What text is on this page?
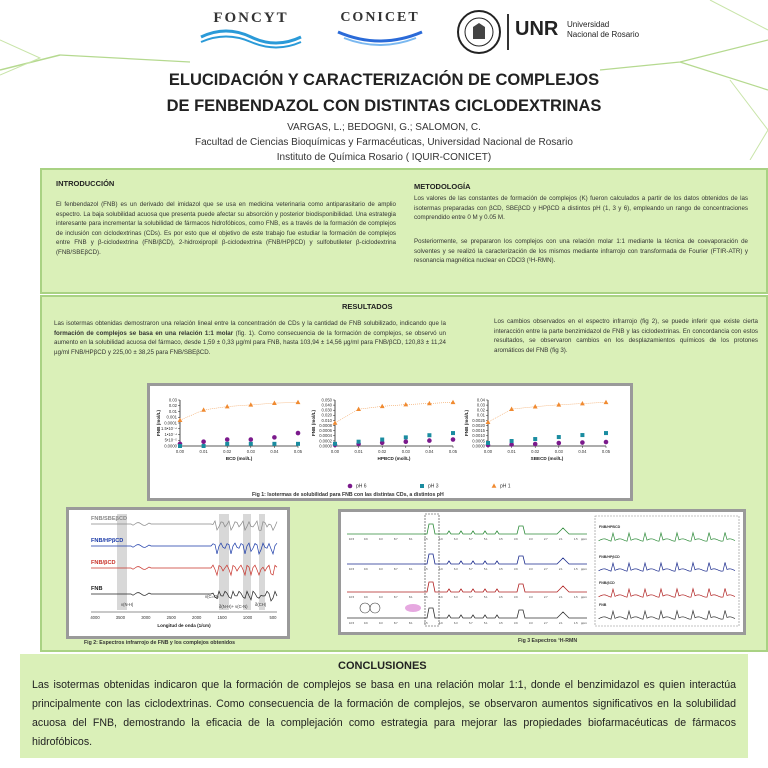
FONCYT	CONICET
UNR Universidad
Nacional de Rosario
ELUCIDACIÓN Y CARACTERIZACIÓN DE COMPLEJOS
DE FENBENDAZOL CON DISTINTAS CICLODEXTRINAS
VARGAS, L.; BEDOGNI, G.; SALOMON, C.
Facultad de Ciencias Bioquímicas y Farmacéuticas, Universidad Nacional de Rosario
Instituto de Química Rosario ( IQUIR-CONICET)
INTRODUCCIÓN
El fenbendazol (FNB) es un derivado del imidazol que se usa en medicina veterinaria como antiparasitario de amplio espectro. La baja solubilidad acuosa que presenta puede afectar su absorción y posterior biodisponibilidad. Una estrategia interesante para incrementar la solubilidad de fármacos hidrofóbicos, como FNB, es a través de la formación de complejos de inclusión con ciclodextrinas (CDs). Es por esto que el objetivo de este trabajo fue estudiar la formación de complejos entre FNB y β-ciclodextrina (FNB/βCD), 2-hidroxipropil β-ciclodextrina (FNB/HPβCD) y sulfobutileter β-ciclodextrina (FNB/SBEβCD).
METODOLOGÍA
Los valores de las constantes de formación de complejos (K) fueron calculados a partir de los datos obtenidos de las isotermas preparadas con βCD, SBEβCD y HPβCD a distintos pH (1, 3 y 6), empleando un rango de concentraciones comprendido entre 0 M y 0.05 M.
Posteriormente, se prepararon los complejos con una relación molar 1:1 mediante la técnica de coevaporación de solventes y se realizó la caracterización de los mismos mediante infrarrojo con transformada de Fourier (FTIR-ATR) y resonancia magnética nuclear en CDCl3 (¹H-RMN).
RESULTADOS
Las isotermas obtenidas demostraron una relación lineal entre la concentración de CDs y la cantidad de FNB solubilizado, indicando que la formación de complejos se basa en una relación 1:1 molar (fig. 1). Como consecuencia de la formación de complejos, se observó un aumento en la solubilidad acuosa del fármaco, desde 1,59 ± 0,33 µg/ml para FNB, hasta 103,94 ± 14,56 µg/ml para FNB/βCD, 120,83 ± 11,24 µg/ml FNB/HPβCD y 225,00 ± 38,25 para FNB/SBEβCD.
Los cambios observados en el espectro infrarrojo (fig 2), se puede inferir que existe cierta interacción entre la parte benzimidazol de FNB y las ciclodextrinas. En concordancia con estos resultados, se observaron cambios en los desplazamientos químicos de los protones aromáticos del FNB (fig 3).
0.0000
5•10⁻⁵
1•10⁻⁴
1.5•10⁻⁴
0.0001
0.001
0.01
0.02
0.03
0.00	0.01	0.02	0.03	0.04	0.05
BCD (mol/L)
FNB (mol/L)
0.0000
0.0002
0.0004
0.0006
0.0008
0.010
0.020
0.030
0.040
0.050
0.00	0.01	0.02	0.03	0.04	0.05
HPBCD (mol/L)
FNB (mol/L)
0.0000
0.0005
0.0010
0.0015
0.0020
0.0025
0.01
0.02
0.03
0.04
0.00	0.01	0.02	0.03	0.04	0.05
SBECD (mol/L)
FNB (mol/L)
pH 6	pH 3	pH 1
Fig 1: Isotermas de solubilidad para FNB con las distintas CDs, a distintos pH
FNB/SBEβCD
FNB/HPβCD
FNB/βCD
FNB
ν(N-H)
ν(C=O)
δ(N-H)+ ν(C-N) δ(CH)
4000	3500	3000	2500	2000	1500	1000	500
Longitud de onda (1/cm)
Fig 2: Espectros infrarrojo de FNB y los complejos obtenidos
10.5	9.9	9.3	8.7	8.1	7.5	6.9	6.3	5.7	5.1	4.5	3.9	3.3	2.7	2.1	1.5 ppm
10.5	9.9	9.3	8.7	8.1	7.5	6.9	6.3	5.7	5.1	4.5	3.9	3.3	2.7	2.1	1.5 ppm
10.5	9.9	9.3	8.7	8.1	7.5	6.9	6.3	5.7	5.1	4.5	3.9	3.3	2.7	2.1	1.5 ppm
10.5	9.9	9.3	8.7	8.1	7.5	6.9	6.3	5.7	5.1	4.5	3.9	3.3	2.7	2.1	1.5 ppm
FNB/HPBCD
FNB/HPβCD
FNB/βCD
FNB
Fig 3 Espectros ¹H-RMN
CONCLUSIONES
Las isotermas obtenidas indicaron que la formación de complejos se basa en una relación molar 1:1, donde el benzimidazol es quien interactúa principalmente con las ciclodextrinas. Como consecuencia de la formación de complejos, se observaron aumentos significativos en la solubilidad acuosa del FNB, demostrando la eficacia de la complejación como estrategia para mejorar las propiedades biofarmacéuticas de fármacos hidrofóbicos.
